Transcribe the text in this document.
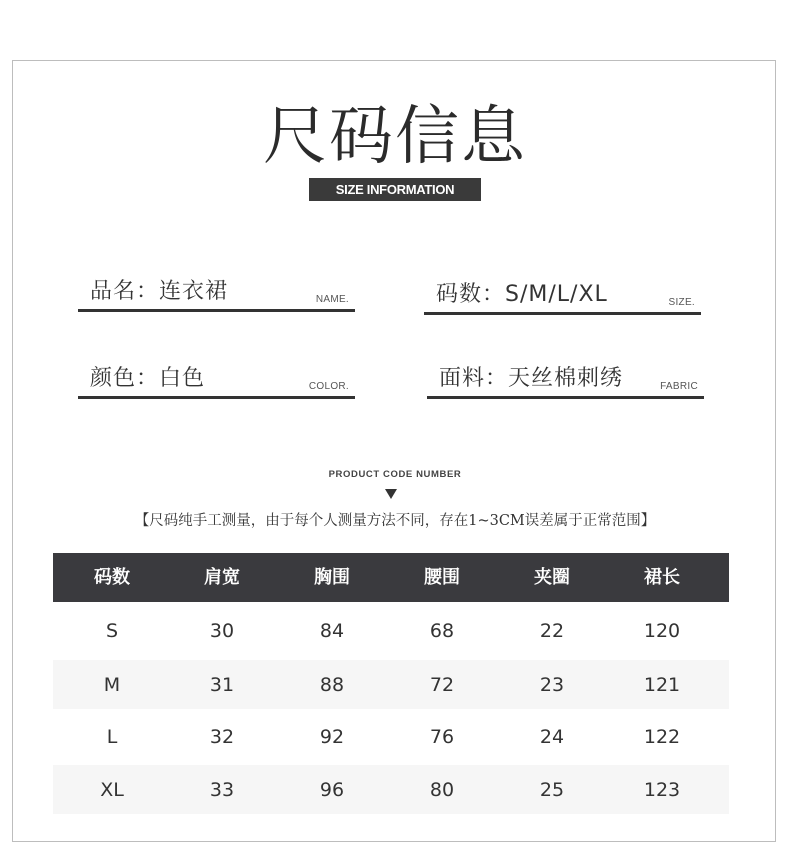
尺码信息
SIZE INFORMATION
品名：连衣裙	NAME.	码数：S/M/L/XL	SIZE.
颜色：白色	COLOR.	面料：天丝棉刺绣	FABRIC
PRODUCT CODE NUMBER
【尺码纯手工测量，由于每个人测量方法不同，存在1~3CM误差属于正常范围】
码数	肩宽	胸围	腰围	夹圈	裙长
S	30	84	68	22	120
M	31	88	72	23	121
L	32	92	76	24	122
XL	33	96	80	25	123
